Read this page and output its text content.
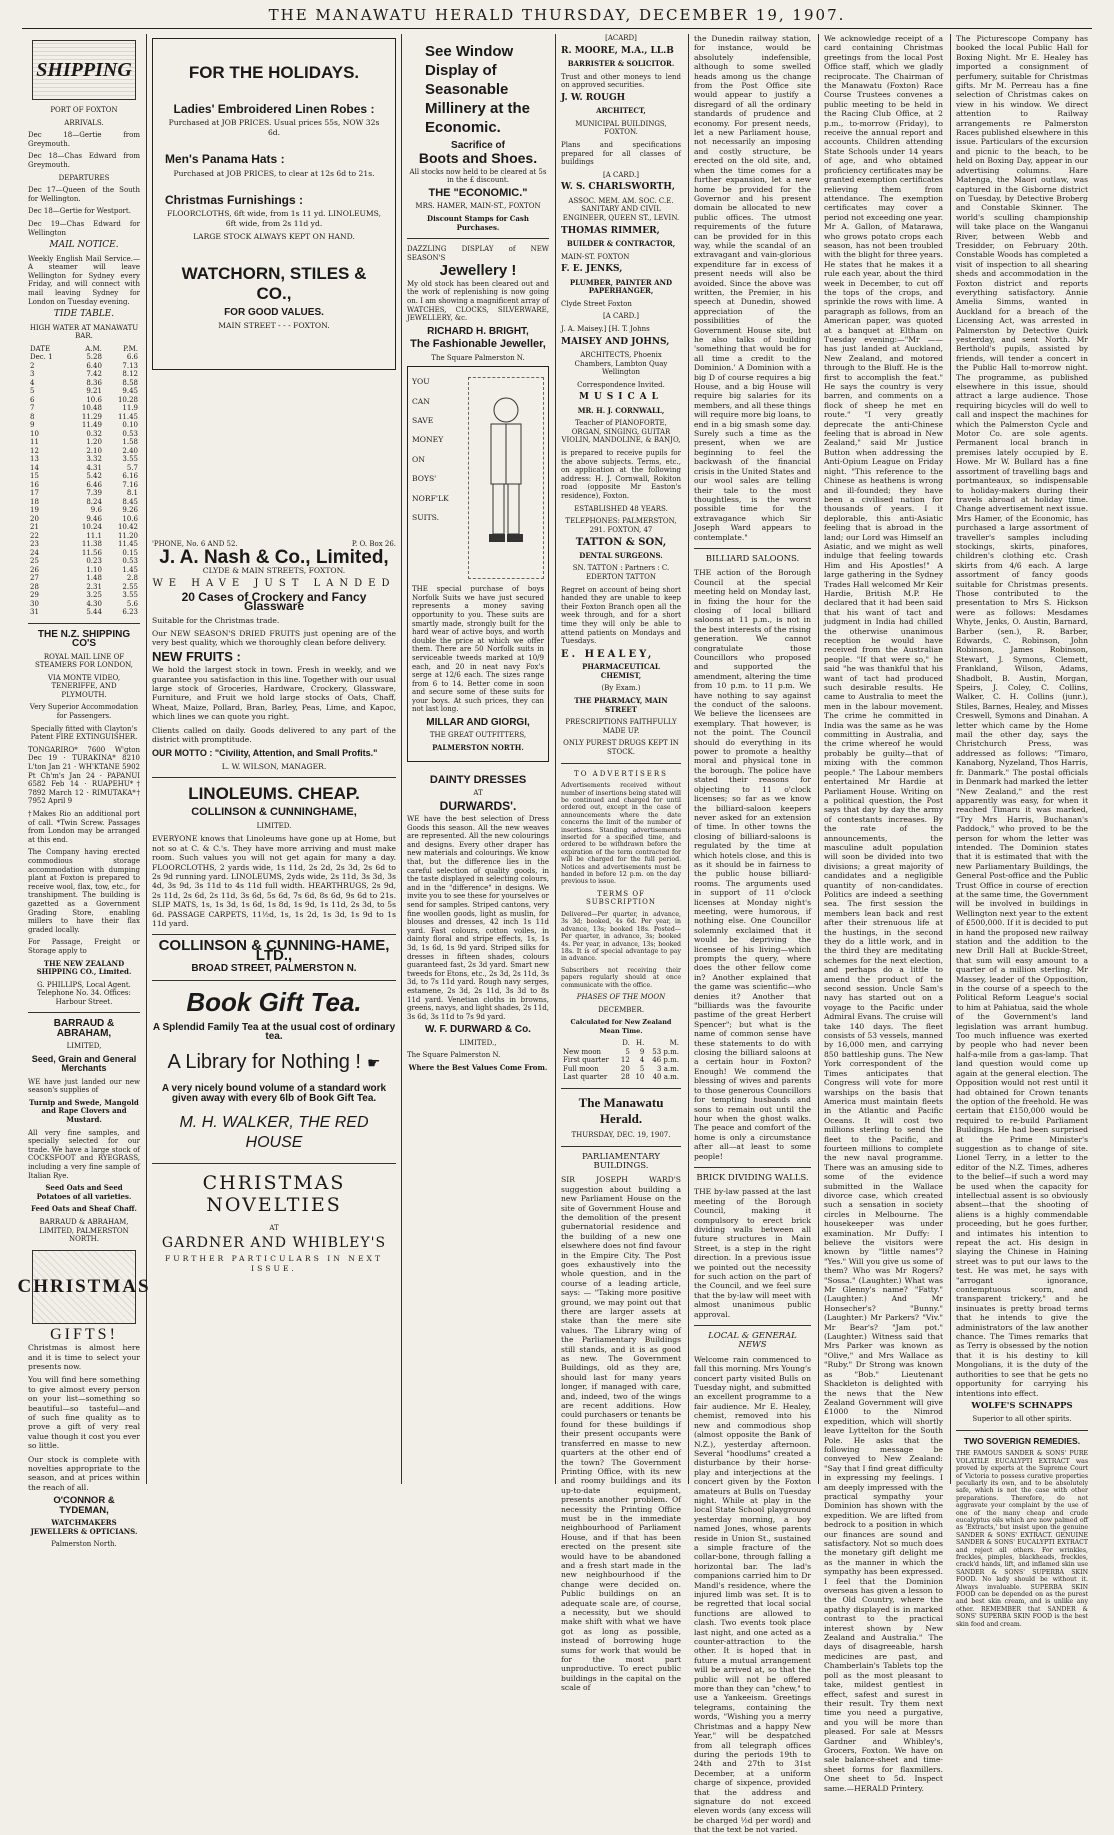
THE MANAWATU HERALD THURSDAY, DECEMBER 19, 1907.
SHIPPING

PORT OF FOXTON

ARRIVALS.

Dec 18—Gertie from Greymouth.

Dec 18—Chas Edward from Greymouth.

DEPARTURES

Dec 17—Queen of the South for Wellington.

Dec 18—Gertie for Westport.

Dec 19—Chas Edward for Wellington

MAIL NOTICE.

Weekly English Mail Service.—A steamer will leave Wellington for Sydney every Friday, and will connect with mail leaving Sydney for London on Tuesday evening.

TIDE TABLE.

HIGH WATER AT MANAWATU BAR.

DATE	A.M.	P.M.
Dec. 1	5.28	6.6
2	6.40	7.13
3	7.42	8.12
4	8.36	8.58
5	9.21	9.45
6	10.6	10.28
7	10.48	11.9
8	11.29	11.45
9	11.49	0.10
10	0.32	0.53
11	1.20	1.58
12	2.10	2.40
13	3.32	3.55
14	4.31	5.7
15	5.42	6.16
16	6.46	7.16
17	7.39	8.1
18	8.24	8.45
19	9.6	9.26
20	9.46	10.6
21	10.24	10.42
22	11.1	11.20
23	11.38	11.45
24	11.56	0.15
25	0.23	0.53
26	1.10	1.45
27	1.48	2.8
28	2.31	2.55
29	3.25	3.55
30	4.30	5.6
31	5.44	6.23

THE N.Z. SHIPPING CO'S

ROYAL MAIL LINE OF STEAMERS FOR LONDON,

VIA MONTE VIDEO, TENERIFFE, AND PLYMOUTH.

Very Superior Accommodation for Passengers.

Specially fitted with Clayton's Patent FIRE EXTINGUISHER.

TONGARIRO* 7600 W'gton Dec 19 · TURAKINA* 8210 L'ton Jan 21 · WH'KTANE 5902 Pt Ch'm's Jan 24 · PAPANUI 6582 Feb 14 · RUAPEHU*† 7892 March 12 · RIMUTAKA*† 7952 April 9

†Makes Rio an additional port of call. *Twin Screw. Passages from London may be arranged at this end.

The Company having erected commodious storage accommodation with dumping plant at Foxton is prepared to receive wool, flax, tow, etc., for transhipment. The building is gazetted as a Government Grading Store, enabling millers to have their flax graded locally.

For Passage, Freight or Storage apply to

THE NEW ZEALAND SHIPPING CO., Limited.

G. PHILLIPS, Local Agent. Telephone No. 34. Offices: Harbour Street.

BARRAUD & ABRAHAM,

LIMITED,

Seed, Grain and General Merchants

WE have just landed our new season's supplies of

Turnip and Swede, Mangold and Rape Clovers and Mustard.

All very fine samples, and specially selected for our trade. We have a large stock of COCKSFOOT and RYEGRASS, including a very fine sample of Italian Rye.

Seed Oats and Seed Potatoes of all varieties.

Feed Oats and Sheaf Chaff.

BARRAUD & ABRAHAM, LIMITED, PALMERSTON NORTH.

CHRISTMAS

GIFTS!

Christmas is almost here and it is time to select your presents now.

You will find here something to give almost every person on your list—something so beautiful—so tasteful—and of such fine quality as to prove a gift of very real value though it cost you ever so little.

Our stock is complete with novelties appropriate to the season, and at prices within the reach of all.

O'CONNOR & TYDEMAN,

WATCHMAKERS JEWELLERS & OPTICIANS.

Palmerston North.

FOR THE HOLIDAYS.

Ladies' Embroidered Linen Robes :

Purchased at JOB PRICES. Usual prices 55s, NOW 32s 6d.

Men's Panama Hats :

Purchased at JOB PRICES, to clear at 12s 6d to 21s.

Christmas Furnishings :

FLOORCLOTHS, 6ft wide, from 1s 11 yd. LINOLEUMS, 6ft wide, from 2s 11d yd.

LARGE STOCK ALWAYS KEPT ON HAND.

WATCHORN, STILES & CO.,

FOR GOOD VALUES.

MAIN STREET - - - FOXTON.

'PHONE, No. 6 AND 52.	P. O. Box 26.

J. A. Nash & Co., Limited,

CLYDE & MAIN STREETS, FOXTON.

WE HAVE JUST LANDED

20 Cases of Crockery and Fancy Glassware

Suitable for the Christmas trade.

Our NEW SEASON'S DRIED FRUITS just opening are of the very best quality, which we thoroughly clean before delivery.

NEW FRUITS :

We hold the largest stock in town. Fresh in weekly, and we guarantee you satisfaction in this line. Together with our usual large stock of Groceries, Hardware, Crockery, Glassware, Furniture, and Fruit we hold large stocks of Oats, Chaff, Wheat, Maize, Pollard, Bran, Barley, Peas, Lime, and Kapoc, which lines we can quote you right.

Clients called on daily. Goods delivered to any part of the district with promptitude.

OUR MOTTO : "Civility, Attention, and Small Profits."

L. W. WILSON, MANAGER.

LINOLEUMS. CHEAP.

COLLINSON & CUNNINGHAME,

LIMITED.

EVERYONE knows that Linoleums have gone up at Home, but not so at C. & C.'s. They have more arriving and must make room. Such values you will not get again for many a day. FLOORCLOTHS, 2 yards wide, 1s 11d, 2s 2d, 2s 3d, 2s 6d to 2s 9d running yard. LINOLEUMS, 2yds wide, 2s 11d, 3s 3d, 3s 4d, 3s 9d, 3s 11d to 4s 11d full width. HEARTHRUGS, 2s 9d, 2s 11d, 2s 6d, 2s 11d, 3s 6d, 5s 6d, 7s 6d, 8s 6d, 9s 6d to 21s. SLIP MATS, 1s, 1s 3d, 1s 6d, 1s 8d, 1s 9d, 1s 11d, 2s 3d, to 5s 6d. PASSAGE CARPETS, 11½d, 1s, 1s 2d, 1s 3d, 1s 9d to 1s 11d yard.

COLLINSON & CUNNING-HAME, LTD.,

BROAD STREET, PALMERSTON N.

Book Gift Tea.

A Splendid Family Tea at the usual cost of ordinary tea.

A Library for Nothing ! ☛

A very nicely bound volume of a standard work given away with every 6lb of Book Gift Tea.

M. H. WALKER, THE RED HOUSE

CHRISTMAS NOVELTIES

AT

GARDNER AND WHIBLEY'S

FURTHER PARTICULARS IN NEXT ISSUE.

See Window Display of Seasonable Millinery at the Economic.

Sacrifice of

Boots and Shoes.

All stocks now held to be cleared at 5s in the £ discount.

THE "ECONOMIC."

MRS. HAMER, MAIN-ST., FOXTON

Discount Stamps for Cash Purchases.

DAZZLING DISPLAY of NEW SEASON'S

Jewellery !

My old stock has been cleared out and the work of replenishing is now going on. I am showing a magnificent array of WATCHES, CLOCKS, SILVERWARE, JEWELLERY, &c.

RICHARD H. BRIGHT,

The Fashionable Jeweller,

The Square Palmerston N.

YOU

CAN

SAVE

MONEY

ON

BOYS'

NORF'LK

SUITS.

THE special purchase of boys Norfolk Suits we have just secured represents a money saving opportunity to you. These suits are smartly made, strongly built for the hard wear of active boys, and worth double the price at which we offer them. There are 50 Norfolk suits in serviceable tweeds marked at 10/9 each, and 20 in neat navy Fox's serge at 12/6 each. The sizes range from 6 to 14. Better come in soon and secure some of these suits for your boys. At such prices, they can not last long.

MILLAR AND GIORGI,

THE GREAT OUTFITTERS,

PALMERSTON NORTH.

DAINTY DRESSES

AT

DURWARDS'.

WE have the best selection of Dress Goods this season. All the new weaves are represented. All the new colourings and designs. Every other draper has new materials and colourings. We know that, but the difference lies in the careful selection of quality goods, in the taste displayed in selecting colours, and in the "difference" in designs. We invite you to see these for yourselves or send for samples. Striped cantons, very fine woollen goods, light as muslin, for blouses and dresses, 42 inch 1s 11d yard. Fast colours, cotton voiles, in dainty floral and stripe effects, 1s, 1s 3d, 1s 6d, 1s 9d yard. Striped silks for dresses in fifteen shades, colours guaranteed fast, 2s 3d yard. Smart new tweeds for Etons, etc., 2s 3d, 2s 11d, 3s 3d, to 7s 11d yard. Rough navy serges, estamene, 2s 3d, 2s 11d, 3s 3d to 8s 11d yard. Venetian cloths in browns, greens, navys, and light shades, 2s 11d, 3s 6d, 3s 11d to 7s 9d yard.

W. F. DURWARD & Co.

LIMITED.,

The Square Palmerston N.

Where the Best Values Come From.

[ACARD]

R. MOORE, M.A., LL.B

BARRISTER & SOLICITOR.

Trust and other moneys to lend on approved securities.

J. W. ROUGH

ARCHITECT,

MUNICIPAL BUILDINGS, FOXTON.

Plans and specifications prepared for all classes of buildings

[A CARD.]

W. S. CHARLSWORTH,

ASSOC. MEM. AM. SOC. C.E. SANITARY AND CIVIL ENGINEER, QUEEN ST., LEVIN.

THOMAS RIMMER,

BUILDER & CONTRACTOR,

MAIN-ST. FOXTON

F. E. JENKS,

PLUMBER, PAINTER AND PAPERHANGER,

Clyde Street Foxton

[A CARD.]

J. A. Maisey.] [H. T. Johns

MAISEY AND JOHNS,

ARCHITECTS, Phoenix Chambers, Lambton Quay Wellington

Correspondence Invited.

MUSICAL

MR. H. J. CORNWALL,

Teacher of PIANOFORTE, ORGAN, SINGING, GUITAR VIOLIN, MANDOLINE, & BANJO,

is prepared to receive pupils for the above subjects. Terms, etc., on application at the following address: H. J. Cornwall, Rokiton road (opposite Mr Easton's residence), Foxton.

ESTABLISHED 48 YEARS.

TELEPHONES: PALMERSTON, 291. FOXTON, 47

TATTON & SON,

DENTAL SURGEONS.

SN. TATTON : Partners : C. EDERTON TATTON

Regret on account of being short handed they are unable to keep their Foxton Branch open all the week through, and for a short time they will only be able to attend patients on Mondays and Tuesdays.

E. HEALEY,

PHARMACEUTICAL CHEMIST,

(By Exam.)

THE PHARMACY, MAIN STREET

PRESCRIPTIONS FAITHFULLY MADE UP.

ONLY PUREST DRUGS KEPT IN STOCK.

TO ADVERTISERS

Advertisements received without number of insertions being stated will be continued and charged for until ordered out, except in the case of announcements where the date concerns the limit of the number of insertions. Standing advertisements inserted for a specified time, and ordered to be withdrawn before the expiration of the term contracted for will be charged for the full period. Notices and advertisements must be handed in before 12 p.m. on the day previous to issue.

TERMS OF SUBSCRIPTION

Delivered—Per quarter, in advance, 3s 3d; booked, 4s 6d. Per year, in advance, 13s; booked 18s. Posted—Per quarter, in advance, 3s; booked 4s. Per year, in advance, 13s; booked 18s. It is of special advantage to pay in advance.

Subscribers not receiving their papers regularly should at once communicate with the office.

PHASES OF THE MOON

DECEMBER.

Calculated for New Zealand Mean Time.

	D.	H.	M.
New moon	5	9	53 p.m.
First quarter	12	4	46 p.m.
Full moon	20	5	3 a.m.
Last quarter	28	10	40 a.m.

The Manawatu Herald.

THURSDAY, DEC. 19, 1907.

PARLIAMENTARY BUILDINGS.

SIR JOSEPH WARD'S suggestion about building a new Parliament House on the site of Government House and the demolition of the present gubernatorial residence and the building of a new one elsewhere does not find favour in the Empire City. The Post goes exhaustively into the whole question, and in the course of a leading article, says: — "Taking more positive ground, we may point out that there are larger assets at stake than the mere site values. The Library wing of the Parliamentary Buildings still stands, and it is as good as new. The Government Buildings, old as they are, should last for many years longer, if managed with care, and, indeed, two of the wings are recent additions. How could purchasers or tenants be found for these buildings if their present occupants were transferred en masse to new quarters at the other end of the town? The Government Printing Office, with its new and roomy buildings and its up-to-date equipment, presents another problem. Of necessity the Printing Office must be in the immediate neighbourhood of Parliament House, and if that has been erected on the present site would have to be abandoned and a fresh start made in the new neighbourhood if the change were decided on. Public buildings on an adequate scale are, of course, a necessity, but we should make shift with what we have got as long as possible, instead of borrowing huge sums for work that would be for the most part unproductive. To erect public buildings in the capital on the scale of

the Dunedin railway station, for instance, would be absolutely indefensible, although to some swelled heads among us the change from the Post Office site would appear to justify a disregard of all the ordinary standards of prudence and economy. For present needs, let a new Parliament house, not necessarily an imposing and costly structure, be erected on the old site, and, when the time comes for a further expansion, let a new home be provided for the Governor and his present domain be allocated to new public offices. The utmost requirements of the future can be provided for in this way, while the scandal of an extravagant and vain-glorious expenditure far in excess of present needs will also be avoided. Since the above was written, the Premier, in his speech at Dunedin, showed appreciation of the possibilities of the Government House site, but he also talks of building 'something that would be for all time a credit to the Dominion.' A Dominion with a big D of course requires a big House, and a big House will require big salaries for its members, and all these things will require more big loans, to end in a big smash some day. Surely such a time as the present, when we are beginning to feel the backwash of the financial crisis in the United States and our wool sales are telling their tale to the most thoughtless, is the worst possible time for the extravagance which Sir Joseph Ward appears to contemplate."

BILLIARD SALOONS.

THE action of the Borough Council at the special meeting held on Monday last, in fixing the hour for the closing of local billiard saloons at 11 p.m., is not in the best interests of the rising generation. We cannot congratulate those Councillors who proposed and supported the amendment, altering the time from 10 p.m. to 11 p.m. We have nothing to say against the conduct of the saloons. We believe the licensees are exemplary. That however, is not the point. The Council should do everything in its power to promote a healthy moral and physical tone in the borough. The police have stated their reasons for objecting to 11 o'clock licenses; so far as we know the billiard-saloon keepers never asked for an extension of time. In other towns the closing of billiard-saloons is regulated by the time at which hotels close, and this is as it should be in fairness to the public house billiard-rooms. The arguments used in support of 11 o'clock licenses at Monday night's meeting, were humorous, if nothing else. One Councillor solemnly exclaimed that it would be depriving the licensee of his living—which prompts the query, where does the other fellow come in? Another explained that the game was scientific—who denies it? Another that "billiards was the favourite pastime of the great Herbert Spencer"; but what is the name of common sense have these statements to do with closing the billiard saloons at a certain hour in Foxton? Enough! We commend the blessing of wives and parents to those generous Councillors for tempting husbands and sons to remain out until the hour when the ghost walks. The peace and comfort of the home is only a circumstance after all—at least to some people!

BRICK DIVIDING WALLS.

THE by-law passed at the last meeting of the Borough Council, making it compulsory to erect brick dividing walls between all future structures in Main Street, is a step in the right direction. In a previous issue we pointed out the necessity for such action on the part of the Council, and we feel sure that the by-law will meet with almost unanimous public approval.

LOCAL & GENERAL NEWS

Welcome rain commenced to fall this morning. Mrs Young's concert party visited Bulls on Tuesday night, and submitted an excellent programme to a fair audience. Mr E. Healey, chemist, removed into his new and commodious shop (almost opposite the Bank of N.Z.), yesterday afternoon. Several "hoodlums" created a disturbance by their horse-play and interjections at the concert given by the Foxton amateurs at Bulls on Tuesday night. While at play in the local State School playground yesterday morning, a boy named Jones, whose parents reside in Union St., sustained a simple fracture of the collar-bone, through falling a horizontal bar. The lad's companions carried him to Dr Mandl's residence, where the injured limb was set. It is to be regretted that local social functions are allowed to clash. Two events took place last night, and one acted as a counter-attraction to the other. It is hoped that in future a mutual arrangement will be arrived at, so that the public will not be offered more than they can "chew," to use a Yankeeism. Greetings telegrams, containing the words, "Wishing you a merry Christmas and a happy New Year," will be despatched from all telegraph offices during the periods 19th to 24th and 27th to 31st December, at a uniform charge of sixpence, provided that the address and signature do not exceed eleven words (any excess will be charged ½d per word) and that the text be not varied.

We acknowledge receipt of a card containing Christmas greetings from the local Post Office staff, which we gladly reciprocate. The Chairman of the Manawatu (Foxton) Race Course Trustees convenes a public meeting to be held in the Racing Club Office, at 2 p.m., to-morrow (Friday), to receive the annual report and accounts. Children attending State Schools under 14 years of age, and who obtained proficiency certificates may be granted exemption certificates relieving them from attendance. The exemption certificates may cover a period not exceeding one year. Mr A. Gallon, of Matarawa, who grows potato crops each season, has not been troubled with the blight for three years. He states that he makes it a rule each year, about the third week in December, to cut off the tops of the crops, and sprinkle the rows with lime. A paragraph as follows, from an American paper, was quoted at a banquet at Eltham on Tuesday evening:—"Mr —— has just landed at Auckland, New Zealand, and motored through to the Bluff. He is the first to accomplish the feat." He says the country is very barren, and comments on a flock of sheep he met en route." "I very greatly deprecate the anti-Chinese feeling that is abroad in New Zealand," said Mr Justice Button when addressing the Anti-Opium League on Friday night. "This reference to the Chinese as heathens is wrong and ill-founded; they have been a civilised nation for thousands of years. I it deplorable, this anti-Asiatic feeling that is abroad in the land; our Lord was Himself an Asiatic, and we might as well indulge that feeling towards Him and His Apostles!" A large gathering in the Sydney Trades Hall welcomed Mr Keir Hardie, British M.P. He declared that it had been said that his want of tact and judgment in India had chilled the otherwise unanimous reception he would have received from the Australian people. "If that were so," he said "he was thankful that his want of tact had produced such desirable results. He came to Australia to meet the men in the labour movement. The crime he committed in India was the same as he was committing in Australia, and the crime whereof he would probably be guilty—that of mixing with the common people." The Labour members entertained Mr Hardie at Parliament House. Writing on a political question, the Post says that day by day the army of contestants increases. By the rate of the announcements, the masculine adult population will soon be divided into two divisions; a great majority of candidates and a negligible quantity of non-candidates. Politics are indeed a seething sea. The first session the members lean back and rest after their strenuous life at the hustings, in the second they do a little work, and in the third they are meditating schemes for the next election, and perhaps do a little to amend the product of the second session. Uncle Sam's navy has started out on a voyage to the Pacific under Admiral Evans. The cruise will take 140 days. The fleet consists of 53 vessels, manned by 16,000 men, and carrying 850 battleship guns. The New York correspondent of the Times anticipates that Congress will vote for more warships on the basis that America must maintain fleets in the Atlantic and Pacific Oceans. It will cost two millions sterling to send the fleet to the Pacific, and fourteen millions to complete the new naval programme. There was an amusing side to some of the evidence submitted in the Wallace divorce case, which created such a sensation in society circles in Melbourne. The housekeeper was under examination. Mr Duffy: I believe the visitors were known by "little names"? "Yes." Will you give us some of them? Who was Mr Rogers? "Sossa." (Laughter.) What was Mr Glenny's name? "Fatty." (Laughter.) And Mr Honsecher's? "Bunny." (Laughter.) Mr Parkers? "Viv." Mr Bear's? "Jam pot." (Laughter.) Witness said that Mrs Parker was known as "Olive," and Mrs Wallace as "Ruby." Dr Strong was known as "Bob." Lieutenant Shackleton is delighted with the news that the New Zealand Government will give £1000 to the Nimrod expedition, which will shortly leave Lyttelton for the South Pole. He asks that the following message be conveyed to New Zealand: "Say that I find great difficulty in expressing my feelings. I am deeply impressed with the practical sympathy your Dominion has shown with the expedition. We are lifted from bedrock to a position in which our finances are sound and satisfactory. Not so much does the monetary gift delight me as the manner in which the sympathy has been expressed. I feel that the Dominion overseas has given a lesson to the Old Country, where the apathy displayed is in marked contrast to the practical interest shown by New Zealand and Australia." The days of disagreeable, harsh medicines are past, and Chamberlain's Tablets top the poll as the most pleasant to take, mildest gentlest in effect, safest and surest in their result. Try them next time you need a purgative, and you will be more than pleased. For sale at Messrs Gardner and Whibley's, Grocers, Foxton. We have on sale balance-sheet and time-sheet forms for flaxmillers. One sheet to 5d. Inspect same.—HERALD Printery.

The Picturescope Company has booked the local Public Hall for Boxing Night. Mr E. Healey has imported a consignment of perfumery, suitable for Christmas gifts. Mr M. Perreau has a fine selection of Christmas cakes on view in his window. We direct attention to Railway arrangements re Palmerston Races published elsewhere in this issue. Particulars of the excursion and picnic to the beach, to be held on Boxing Day, appear in our advertising columns. Hare Matenga, the Maori outlaw, was captured in the Gisborne district on Tuesday, by Detective Broberg and Constable Skinner. The world's sculling championship will take place on the Wanganui River, between Webb and Tresidder, on February 20th. Constable Woods has completed a visit of inspection to all shearing sheds and accommodation in the Foxton district and reports everything satisfactory. Annie Amelia Simms, wanted in Auckland for a breach of the Licensing Act, was arrested in Palmerston by Detective Quirk yesterday, and sent North. Mr Berthold's pupils, assisted by friends, will tender a concert in the Public Hall to-morrow night. The programme, as published elsewhere in this issue, should attract a large audience. Those requiring bicycles will do well to call and inspect the machines for which the Palmerston Cycle and Motor Co. are sole agents. Permanent local branch in premises lately occupied by E. Howe. Mr W. Bullard has a fine assortment of travelling bags and portmanteaux, so indispensable to holiday-makers during their travels abroad at holiday time. Change advertisement next issue. Mrs Hamer, of the Economic, has purchased a large assortment of traveller's samples including stockings, skirts, pinafores, children's clothing etc. Crash skirts from 4/6 each. A large assortment of fancy goods suitable for Christmas presents. Those contributed to the presentation to Mrs S. Hickson were as follows: Mesdames Whyte, Jenks, O. Austin, Barnard, Barber (sen.), R. Barber, Edwards, C. Robinson, John Robinson, James Robinson, Stewart, J. Symons, Clemett, Frankland, Wilson, Adams, Shadbolt, B. Austin, Morgan, Speirs, J. Coley, C. Collins, Walker, C. H. Collins (junr.), Stiles, Barnes, Healey, and Misses Creswell, Symons and Dinahan. A letter which came by the Home mail the other day, says the Christchurch Press, was addressed as follows: "Timaro, Kanaborg, Nyzeland, Thos Harris, fr. Danmark." The postal officials in Denmark had marked the letter "New Zealand," and the rest apparently was easy, for when it reached Timaru it was marked, "Try Mrs Harris, Buchanan's Paddock," who proved to be the person for whom the letter was intended. The Dominion states that it is estimated that with the new Parliamentary Buildings, the General Post-office and the Public Trust Office in course of erection at the same time, the Government will be involved in buildings in Wellington next year to the extent of £500,000. If it is decided to put in hand the proposed new railway station and the addition to the new Drill Hall at Buckle-Street, that sum will easy amount to a quarter of a million sterling. Mr Massey, leader of the Opposition, in the course of a speech to the Political Reform League's social to him at Pahiatua, said the whole of the Government's land legislation was arrant humbug. Too much influence was exerted by people who had never been half-a-mile from a gas-lamp. That land question would come up again at the general election. The Opposition would not rest until it had obtained for Crown tenants the option of the freehold. He was certain that £150,000 would be required to re-build Parliament Buildings. He had been surprised at the Prime Minister's suggestion as to change of site. Lionel Terry, in a letter to the editor of the N.Z. Times, adheres to the belief—if such a word may be used when the capacity for intellectual assent is so obviously absent—that the shooting of aliens is a highly commendable proceeding, but he goes further, and intimates his intention to repeat the act. His design in slaying the Chinese in Haining street was to put our laws to the test. He was met, he says with "arrogant ignorance, contemptuous scorn, and transparent trickery," and he insinuates is pretty broad terms that he intends to give the administrators of the law another chance. The Times remarks that as Terry is obsessed by the notion that it is his destiny to kill Mongolians, it is the duty of the authorities to see that he gets no opportunity for carrying his intentions into effect.

WOLFE'S SCHNAPPS

Superior to all other spirits.

TWO SOVERIGN REMEDIES.

THE FAMOUS SANDER & SONS' PURE VOLATILE EUCALYPTI EXTRACT was proved by experts at the Supreme Court of Victoria to possess curative properties peculiarly its own, and to be absolutely safe, which is not the case with other preparations. Therefore, do not aggravate your complaint by the use of one of the many cheap and crude eucalyptus oils which are now palmed off as 'Extracts,' but insist upon the genuine SANDER & SONS' EXTRACT. GENUINE SANDER & SONS' EUCALYPTI EXTRACT and reject all others. For wrinkles, freckles, pimples, blackheads, freckles, crack'd hands, lift, and inflamed skin use SANDER & SONS' SUPERBA SKIN FOOD. No lady should be without it. Always invaluable. SUPERBA SKIN FOOD can be depended on as the purest and best skin cream, and is unlike any other. REMEMBER that SANDER & SONS' SUPERBA SKIN FOOD is the best skin food and cream.
